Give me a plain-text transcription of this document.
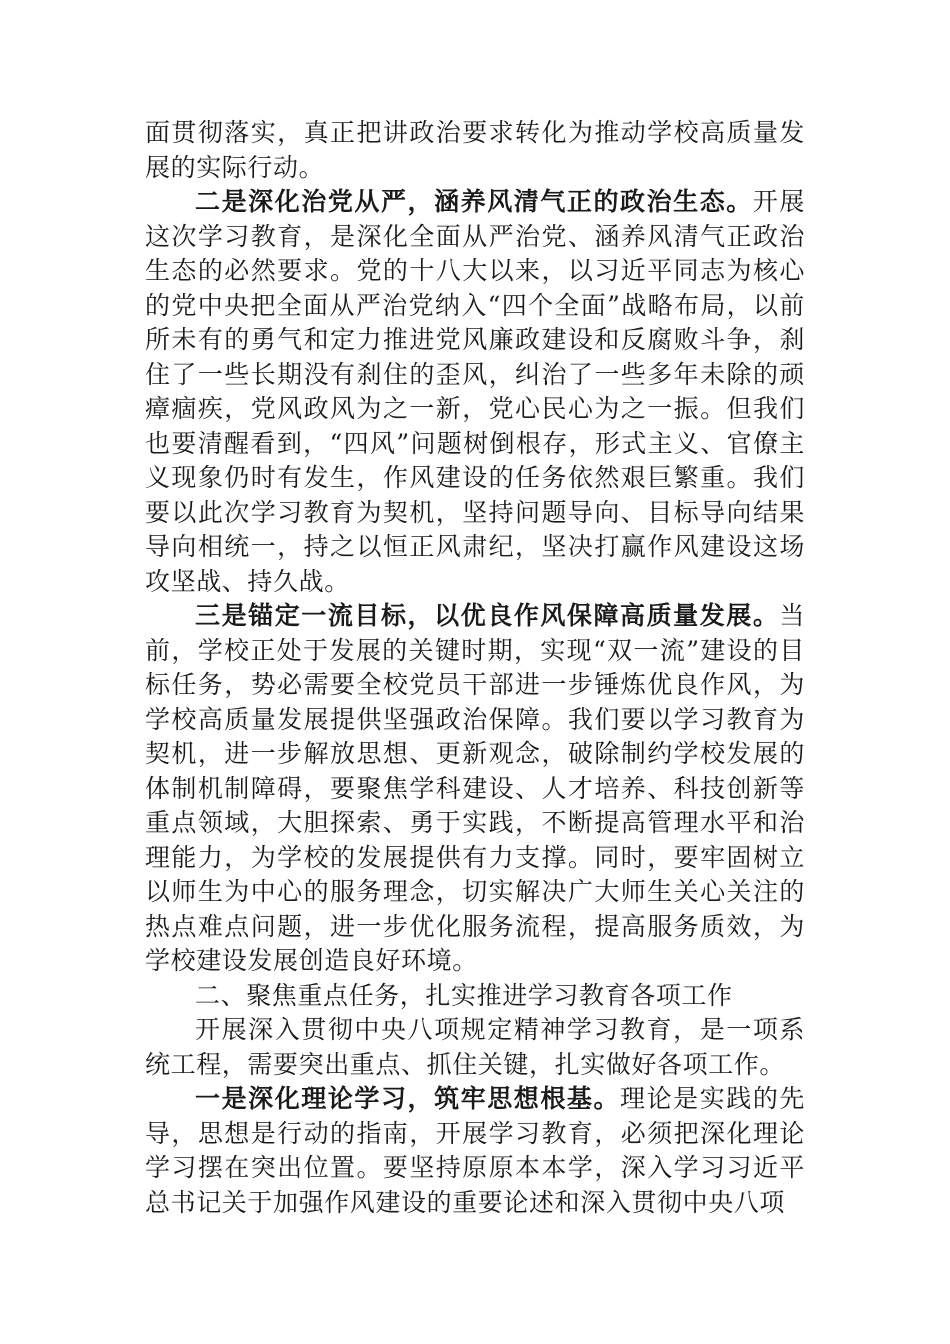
面贯彻落实，真正把讲政治要求转化为推动学校高质量发展的实际行动。

二是深化治党从严，涵养风清气正的政治生态。开展这次学习教育，是深化全面从严治党、涵养风清气正政治生态的必然要求。党的十八大以来，以习近平同志为核心的党中央把全面从严治党纳入“四个全面”战略布局，以前所未有的勇气和定力推进党风廉政建设和反腐败斗争，刹住了一些长期没有刹住的歪风，纠治了一些多年未除的顽瘴痼疾，党风政风为之一新，党心民心为之一振。但我们也要清醒看到，“四风”问题树倒根存，形式主义、官僚主义现象仍时有发生，作风建设的任务依然艰巨繁重。我们要以此次学习教育为契机，坚持问题导向、目标导向结果导向相统一，持之以恒正风肃纪，坚决打赢作风建设这场攻坚战、持久战。

三是锚定一流目标，以优良作风保障高质量发展。当前，学校正处于发展的关键时期，实现“双一流”建设的目标任务，势必需要全校党员干部进一步锤炼优良作风，为学校高质量发展提供坚强政治保障。我们要以学习教育为契机，进一步解放思想、更新观念，破除制约学校发展的体制机制障碍，要聚焦学科建设、人才培养、科技创新等重点领域，大胆探索、勇于实践，不断提高管理水平和治理能力，为学校的发展提供有力支撑。同时，要牢固树立以师生为中心的服务理念，切实解决广大师生关心关注的热点难点问题，进一步优化服务流程，提高服务质效，为学校建设发展创造良好环境。

二、聚焦重点任务，扎实推进学习教育各项工作

开展深入贯彻中央八项规定精神学习教育，是一项系统工程，需要突出重点、抓住关键，扎实做好各项工作。

一是深化理论学习，筑牢思想根基。理论是实践的先导，思想是行动的指南，开展学习教育，必须把深化理论学习摆在突出位置。要坚持原原本本学，深入学习习近平总书记关于加强作风建设的重要论述和深入贯彻中央八项
